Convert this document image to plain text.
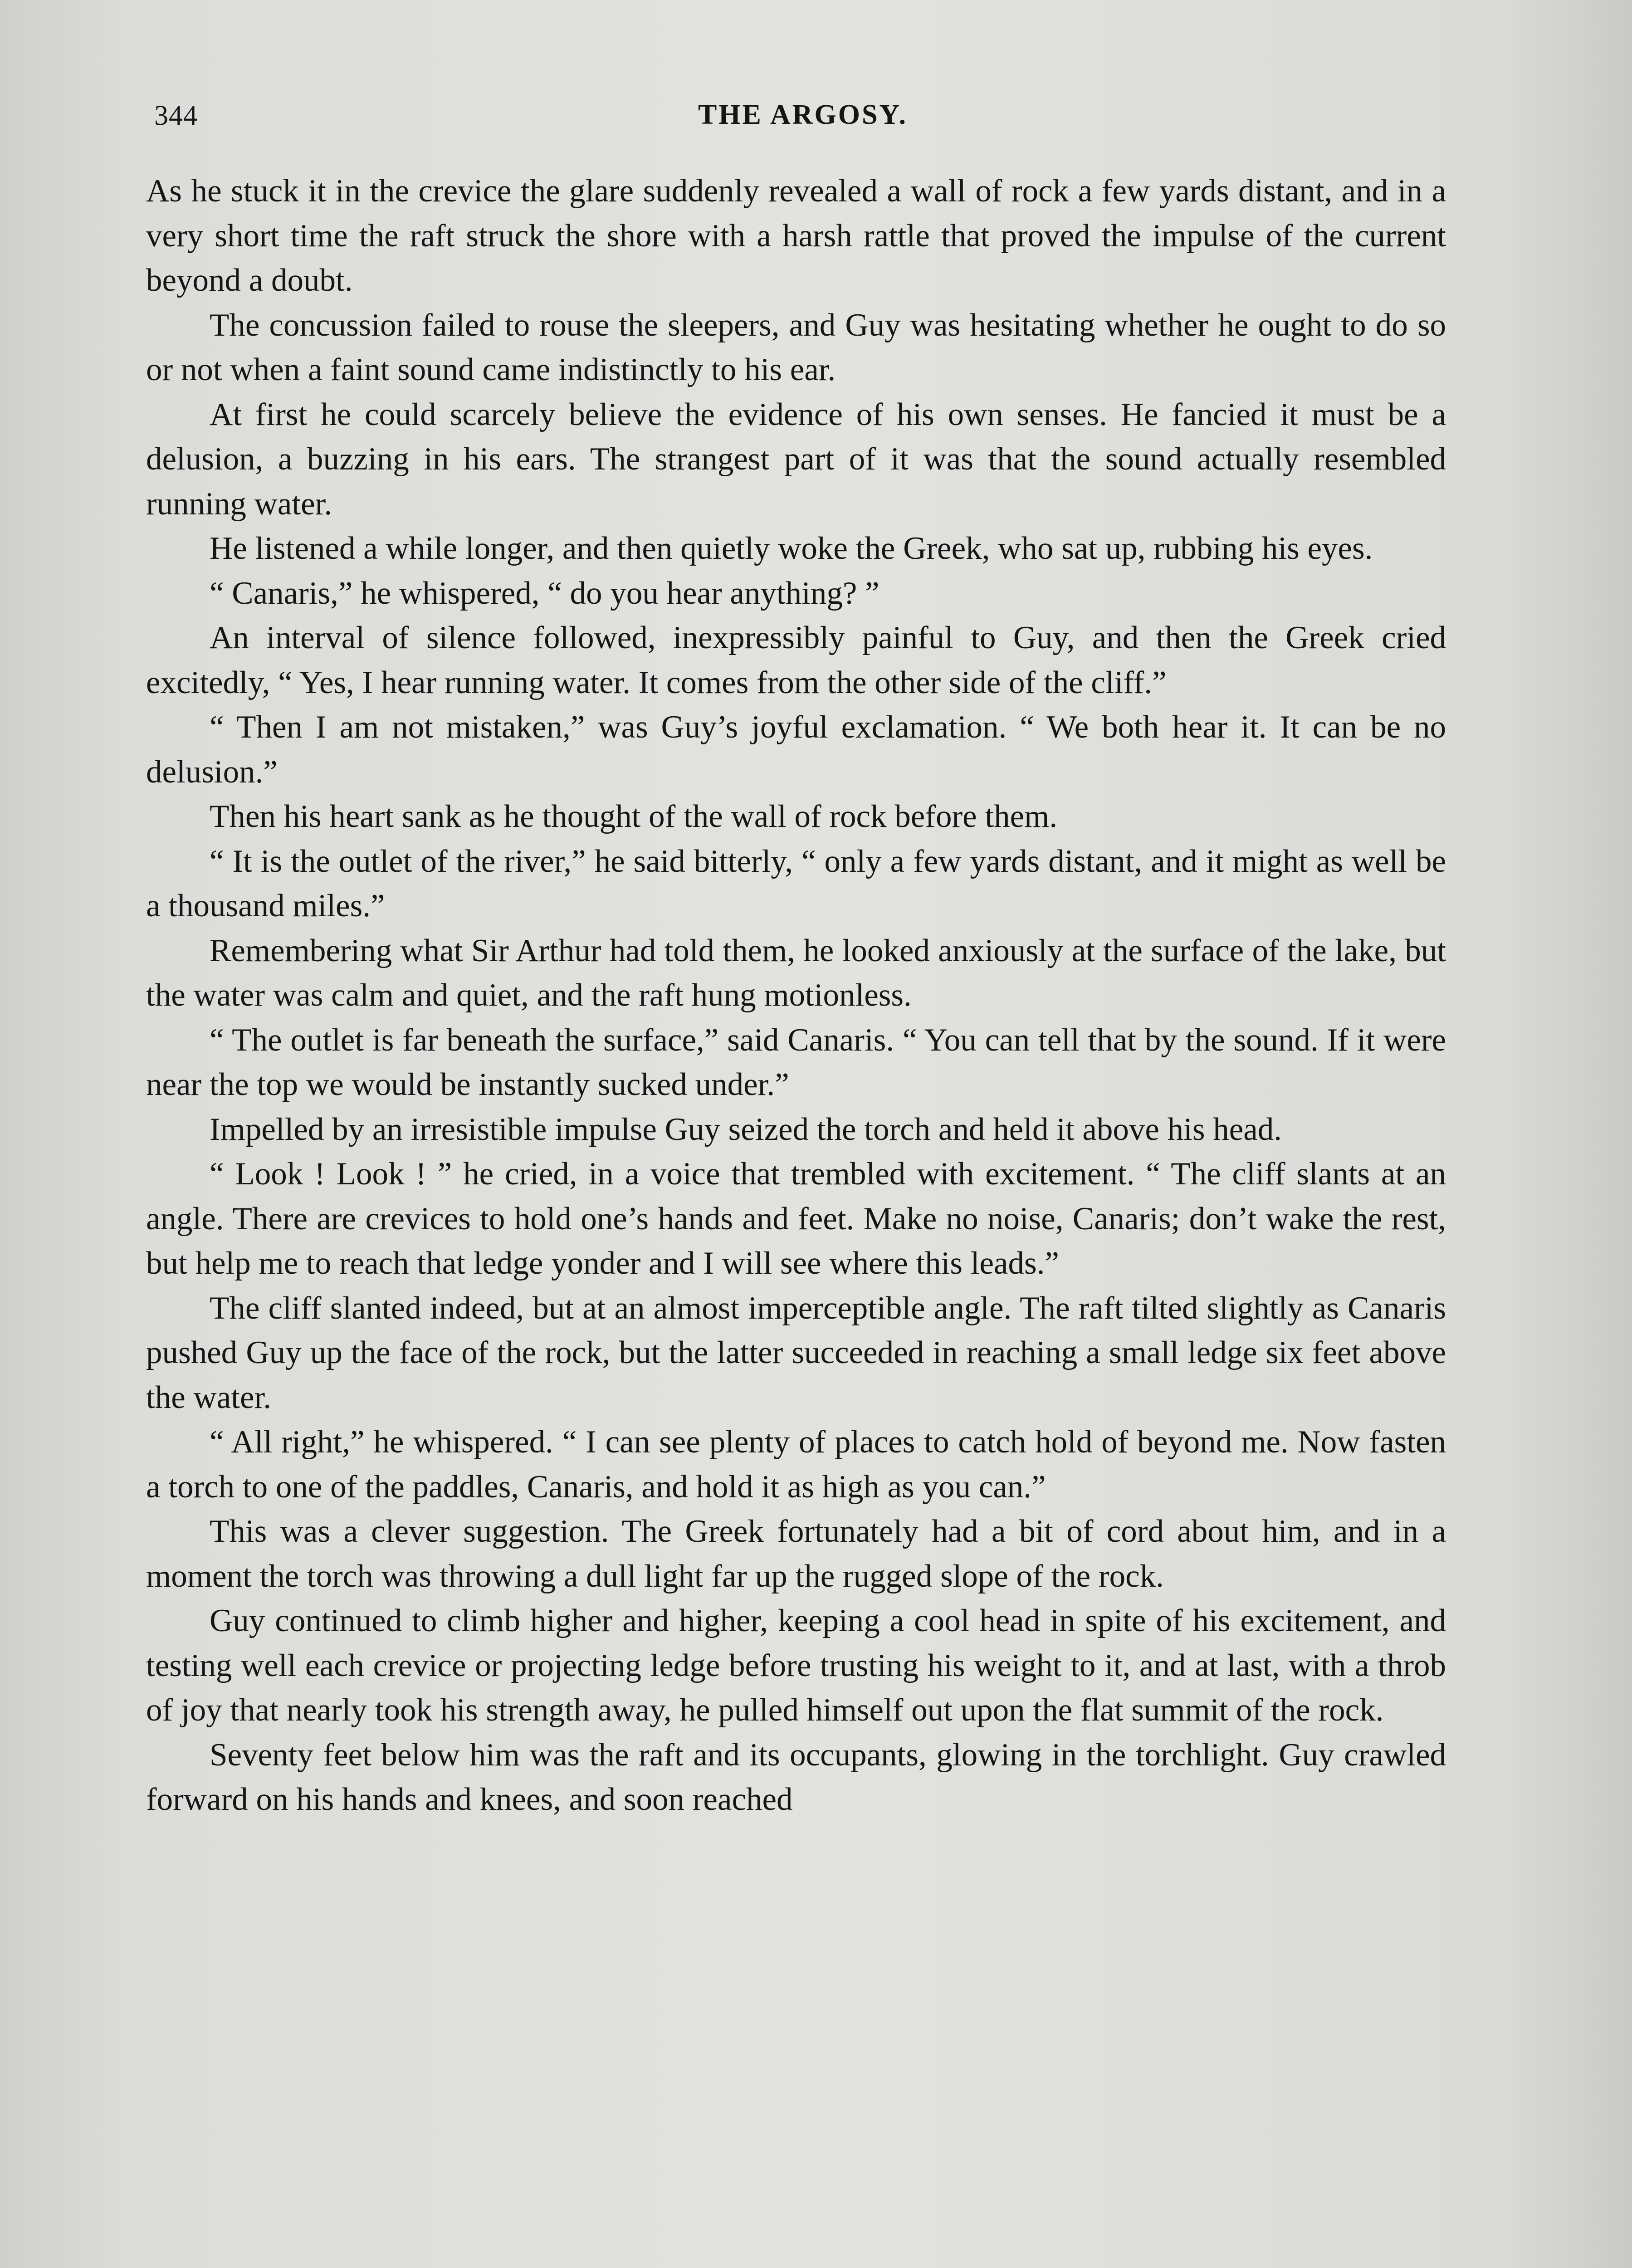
344	THE ARGOSY.

As he stuck it in the crevice the glare suddenly revealed a wall of rock a few yards distant, and in a very short time the raft struck the shore with a harsh rattle that proved the impulse of the current beyond a doubt.

The concussion failed to rouse the sleepers, and Guy was hesitating whether he ought to do so or not when a faint sound came indistinctly to his ear.

At first he could scarcely believe the evidence of his own senses. He fancied it must be a delusion, a buzzing in his ears. The strangest part of it was that the sound actually resembled running water.

He listened a while longer, and then quietly woke the Greek, who sat up, rubbing his eyes.

“ Canaris,” he whispered, “ do you hear anything? ”

An interval of silence followed, inexpressibly painful to Guy, and then the Greek cried excitedly, “ Yes, I hear running water. It comes from the other side of the cliff.”

“ Then I am not mistaken,” was Guy’s joyful exclamation. “ We both hear it. It can be no delusion.”

Then his heart sank as he thought of the wall of rock before them.

“ It is the outlet of the river,” he said bitterly, “ only a few yards distant, and it might as well be a thousand miles.”

Remembering what Sir Arthur had told them, he looked anxiously at the surface of the lake, but the water was calm and quiet, and the raft hung motionless.

“ The outlet is far beneath the surface,” said Canaris. “ You can tell that by the sound. If it were near the top we would be instantly sucked under.”

Impelled by an irresistible impulse Guy seized the torch and held it above his head.

“ Look ! Look ! ” he cried, in a voice that trembled with excitement. “ The cliff slants at an angle. There are crevices to hold one’s hands and feet. Make no noise, Canaris; don’t wake the rest, but help me to reach that ledge yonder and I will see where this leads.”

The cliff slanted indeed, but at an almost imperceptible angle. The raft tilted slightly as Canaris pushed Guy up the face of the rock, but the latter succeeded in reaching a small ledge six feet above the water.

“ All right,” he whispered. “ I can see plenty of places to catch hold of beyond me. Now fasten a torch to one of the paddles, Canaris, and hold it as high as you can.”

This was a clever suggestion. The Greek fortunately had a bit of cord about him, and in a moment the torch was throwing a dull light far up the rugged slope of the rock.

Guy continued to climb higher and higher, keeping a cool head in spite of his excitement, and testing well each crevice or projecting ledge before trusting his weight to it, and at last, with a throb of joy that nearly took his strength away, he pulled himself out upon the flat summit of the rock.

Seventy feet below him was the raft and its occupants, glowing in the torchlight. Guy crawled forward on his hands and knees, and soon reached
